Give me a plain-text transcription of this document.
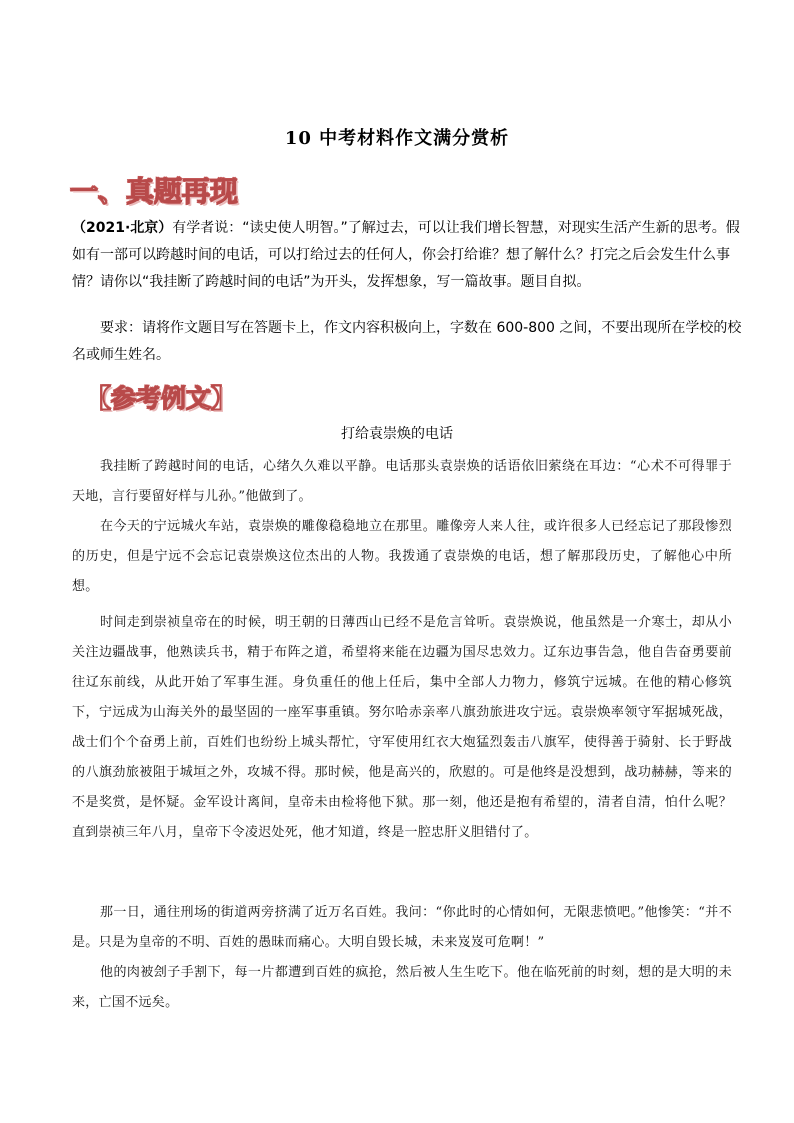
10 中考材料作文满分赏析
一、真题再现
（2021·北京）有学者说：“读史使人明智。”了解过去，可以让我们增长智慧，对现实生活产生新的思考。假如有一部可以跨越时间的电话，可以打给过去的任何人，你会打给谁？想了解什么？打完之后会发生什么事情？请你以“我挂断了跨越时间的电话”为开头，发挥想象，写一篇故事。题目自拟。
要求：请将作文题目写在答题卡上，作文内容积极向上，字数在 600-800 之间，不要出现所在学校的校名或师生姓名。
【参考例文】
打给袁崇焕的电话
我挂断了跨越时间的电话，心绪久久难以平静。电话那头袁崇焕的话语依旧萦绕在耳边：“心术不可得罪于天地，言行要留好样与儿孙。”他做到了。
在今天的宁远城火车站，袁崇焕的雕像稳稳地立在那里。雕像旁人来人往，或许很多人已经忘记了那段惨烈的历史，但是宁远不会忘记袁崇焕这位杰出的人物。我拨通了袁崇焕的电话，想了解那段历史，了解他心中所想。
时间走到崇祯皇帝在的时候，明王朝的日薄西山已经不是危言耸听。袁崇焕说，他虽然是一介寒士，却从小关注边疆战事，他熟读兵书，精于布阵之道，希望将来能在边疆为国尽忠效力。辽东边事告急，他自告奋勇要前往辽东前线，从此开始了军事生涯。身负重任的他上任后，集中全部人力物力，修筑宁远城。在他的精心修筑下，宁远成为山海关外的最坚固的一座军事重镇。努尔哈赤亲率八旗劲旅进攻宁远。袁崇焕率领守军据城死战，战士们个个奋勇上前，百姓们也纷纷上城头帮忙，守军使用红衣大炮猛烈轰击八旗军，使得善于骑射、长于野战的八旗劲旅被阻于城垣之外，攻城不得。那时候，他是高兴的，欣慰的。可是他终是没想到，战功赫赫，等来的不是奖赏，是怀疑。金军设计离间，皇帝未由检将他下狱。那一刻，他还是抱有希望的，清者自清，怕什么呢？直到崇祯三年八月，皇帝下令凌迟处死，他才知道，终是一腔忠肝义胆错付了。
那一日，通往刑场的街道两旁挤满了近万名百姓。我问：“你此时的心情如何，无限悲愤吧。”他惨笑：“并不是。只是为皇帝的不明、百姓的愚昧而痛心。大明自毁长城，未来岌岌可危啊！”
他的肉被刽子手割下，每一片都遭到百姓的疯抢，然后被人生生吃下。他在临死前的时刻，想的是大明的未来，亡国不远矣。
